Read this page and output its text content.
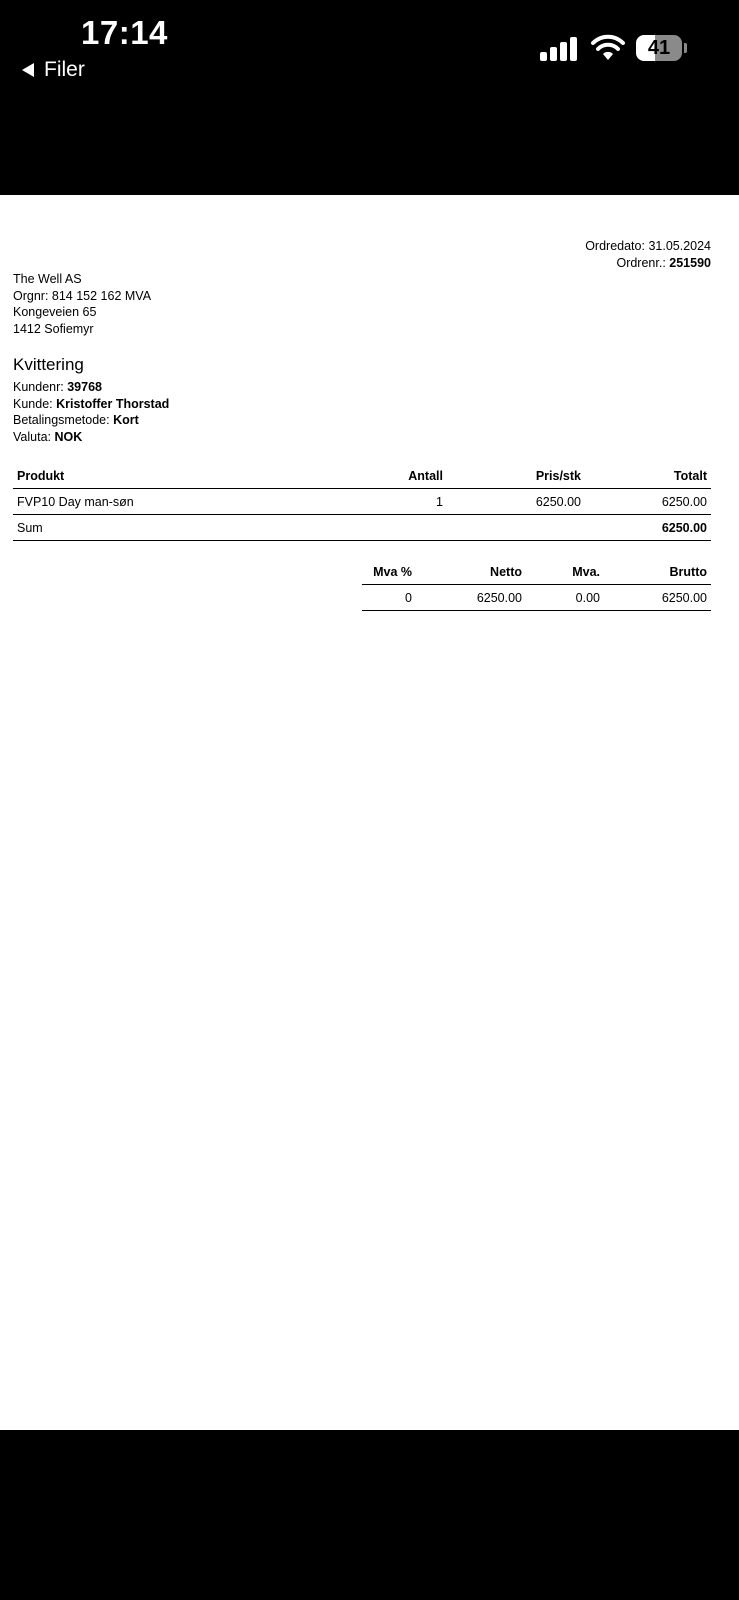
17:14
Filer
41
Ordredato: 31.05.2024
Ordrenr.: 251590
The Well AS
Orgnr: 814 152 162 MVA
Kongeveien 65
1412 Sofiemyr
Kvittering
Kundenr: 39768
Kunde: Kristoffer Thorstad
Betalingsmetode: Kort
Valuta: NOK
Produkt	Antall	Pris/stk	Totalt
FVP10 Day man-søn	1	6250.00	6250.00
Sum			6250.00
Mva %	Netto	Mva.	Brutto
0	6250.00	0.00	6250.00
